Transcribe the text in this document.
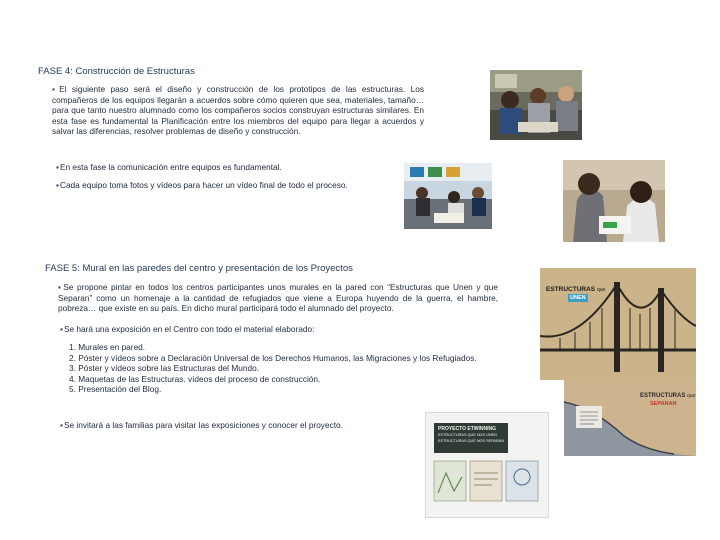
FASE 4: Construcción de Estructuras
▪ El siguiente paso será el diseño y construcción de los prototipos de las estructuras. Los compañeros de los equipos llegarán a acuerdos sobre cómo quieren que sea, materiales, tamaño… para que tanto nuestro alumnado como los compañeros socios construyan estructuras similares. En esta fase es fundamental la Planificación entre los miembros del equipo para llegar a acuerdos y salvar las diferencias, resolver problemas de diseño y construcción.
▪ En esta fase la comunicación entre equipos es fundamental.
▪ Cada equipo toma fotos y vídeos para hacer un vídeo final de todo el proceso.
FASE 5: Mural en las paredes del centro y presentación de los Proyectos
▪ Se propone pintar en todos los centros participantes unos murales en la pared con “Estructuras que Unen y que Separan” como un homenaje a la cantidad de refugiados que viene a Europa huyendo de la guerra, el hambre, pobreza… que existe en su país. En dicho mural participará todo el alumnado del proyecto.
▪ Se hará una exposición en el Centro con todo el material elaborado:
1. Murales en pared.
2. Póster y vídeos sobre a Declaración Universal de los Derechos Humanos, las Migraciones y los Refugiados.
3. Póster y vídeos sobre las Estructuras del Mundo.
4. Maquetas de las Estructuras. vídeos del proceso de construcción.
5. Presentación del Blog.
▪ Se invitará a las familias para visitar las exposiciones y conocer el proyecto.
ESTRUCTURAS que
UNEN
ESTRUCTURAS que
SEPARAN
PROYECTO ETWINNING
ESTRUCTURAS QUE NOS UNEN ESTRUCTURAS QUE NOS SEPARAN
